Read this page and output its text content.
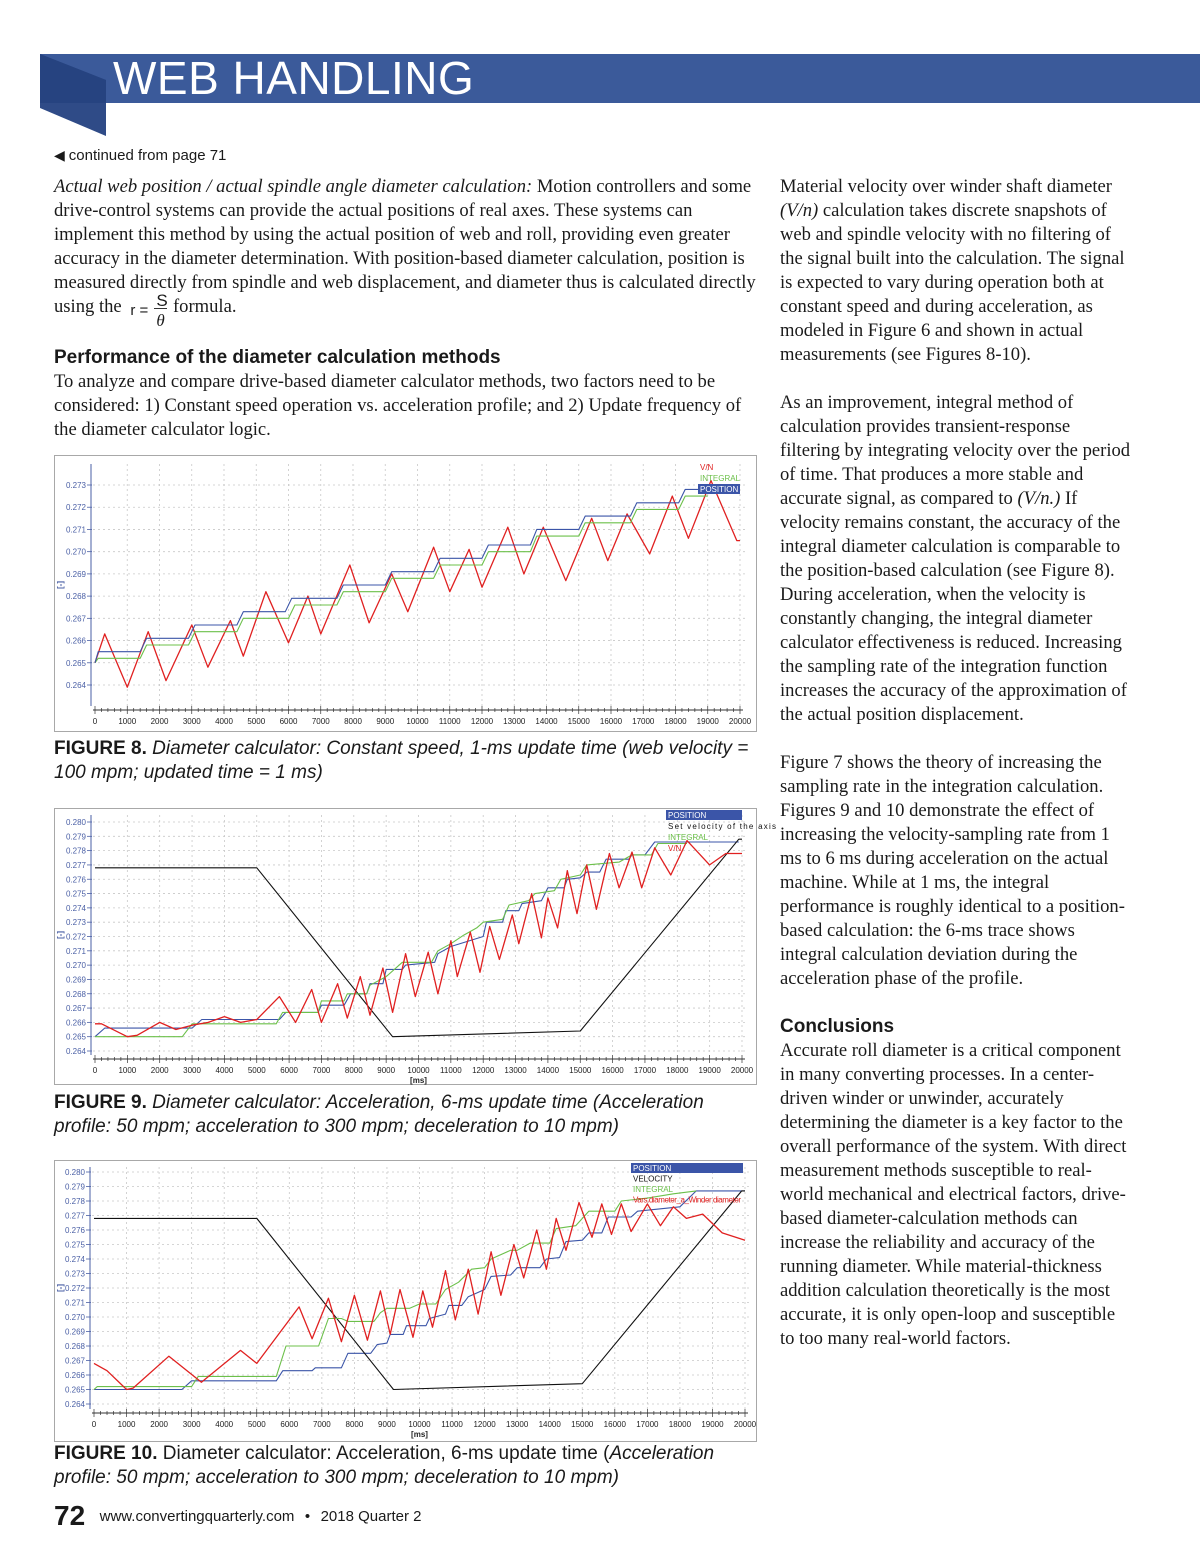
WEB HANDLING
◀ continued from page 71

Actual web position / actual spindle angle diameter calculation: Motion controllers and some drive-control systems can provide the actual positions of real axes. These systems can implement this method by using the actual position of web and roll, providing even greater accuracy in the diameter determination. With position-based diameter calculation, position is measured directly from spindle and web displacement, and diameter thus is calculated directly using the r =
S
θ
formula.

Performance of the diameter calculation methods

To analyze and compare drive-based diameter calculator methods, two factors need to be considered: 1) Constant speed operation vs. acceleration profile; and 2) Update frequency of the diameter calculator logic.

0	1000 2000 3000 4000 5000 6000 7000 8000 9000 10000 11000 12000 13000 14000 15000 16000 17000 18000 19000 20000
0.264
0.265
0.266
0.267
0.268
0.269
0.270
0.271
0.272
0.273
[-]
V/N
INTEGRAL
POSITION
FIGURE 8. Diameter calculator: Constant speed, 1-ms update time (web velocity = 100 mpm; updated time = 1 ms)
0	1000 2000 3000 4000 5000 6000 7000 8000 9000 10000 11000 12000 13000 14000 15000 16000 17000 18000 19000 20000
0.264
0.265
0.266
0.267
0.268
0.269
0.270
0.271
0.272
0.273
0.274
0.275
0.276
0.277
0.278
0.279
0.280
[-]
[ms]
POSITION
Set velocity of the axis
INTEGRAL
V/N
FIGURE 9. Diameter calculator: Acceleration, 6-ms update time (Acceleration profile: 50 mpm; acceleration to 300 mpm; deceleration to 10 mpm)
0	1000 2000 3000 4000 5000 6000 7000 8000 9000 10000 11000 12000 13000 14000 15000 16000 17000 18000 19000 20000
0.264
0.265
0.266
0.267
0.268
0.269
0.270
0.271
0.272
0.273
0.274
0.275
0.276
0.277
0.278
0.279
0.280
[-]
[ms]
POSITION
VELOCITY
INTEGRAL
Vars.diameter_a_Winder diameter
FIGURE 10. Diameter calculator: Acceleration, 6-ms update time (Acceleration profile: 50 mpm; acceleration to 300 mpm; deceleration to 10 mpm)

Material velocity over winder shaft diameter (V/n) calculation takes discrete snapshots of web and spindle velocity with no filtering of the signal built into the calculation. The signal is expected to vary during operation both at constant speed and during acceleration, as modeled in Figure 6 and shown in actual measurements (see Figures 8-10).

As an improvement, integral method of calculation provides transient-response filtering by integrating velocity over the period of time. That produces a more stable and accurate signal, as compared to (V/n.) If velocity remains constant, the accuracy of the integral diameter calculation is comparable to the position-based calculation (see Figure 8). During acceleration, when the velocity is constantly changing, the integral diameter calculator effectiveness is reduced. Increasing the sampling rate of the integration function increases the accuracy of the approximation of the actual position displacement.

Figure 7 shows the theory of increasing the sampling rate in the integration calculation. Figures 9 and 10 demonstrate the effect of increasing the velocity-sampling rate from 1 ms to 6 ms during acceleration on the actual machine. While at 1 ms, the integral performance is roughly identical to a position-based calculation: the 6-ms trace shows integral calculation deviation during the acceleration phase of the profile.

Conclusions

Accurate roll diameter is a critical component in many converting processes. In a center-driven winder or unwinder, accurately determining the diameter is a key factor to the overall performance of the system. With direct measurement methods susceptible to real-world mechanical and electrical factors, drive-based diameter-calculation methods can increase the reliability and accuracy of the running diameter. While material-thickness addition calculation theoretically is the most accurate, it is only open-loop and susceptible to too many real-world factors.

72 www.convertingquarterly.com • 2018 Quarter 2
